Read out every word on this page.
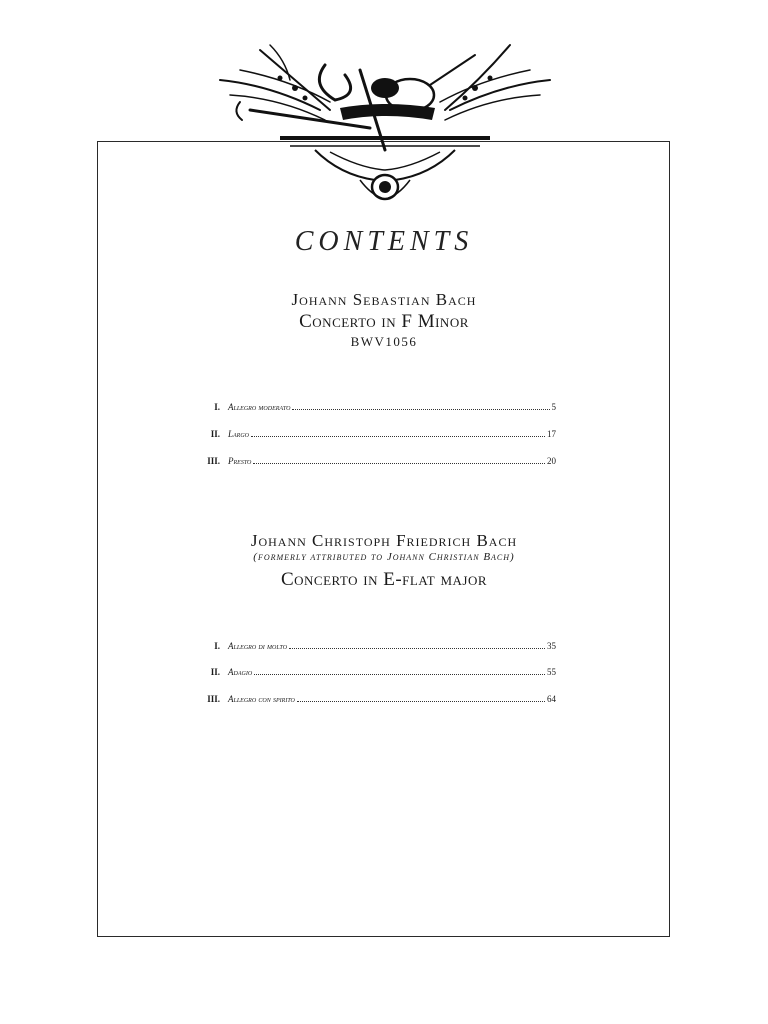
CONTENTS
Johann Sebastian Bach
Concerto in F Minor
BWV1056
I. Allegro moderato	5
II. Largo	17
III. Presto	20
Johann Christoph Friedrich Bach
(formerly attributed to Johann Christian Bach)
Concerto in E-flat major
I. Allegro di molto	35
II. Adagio	55
III. Allegro con spirito	64
